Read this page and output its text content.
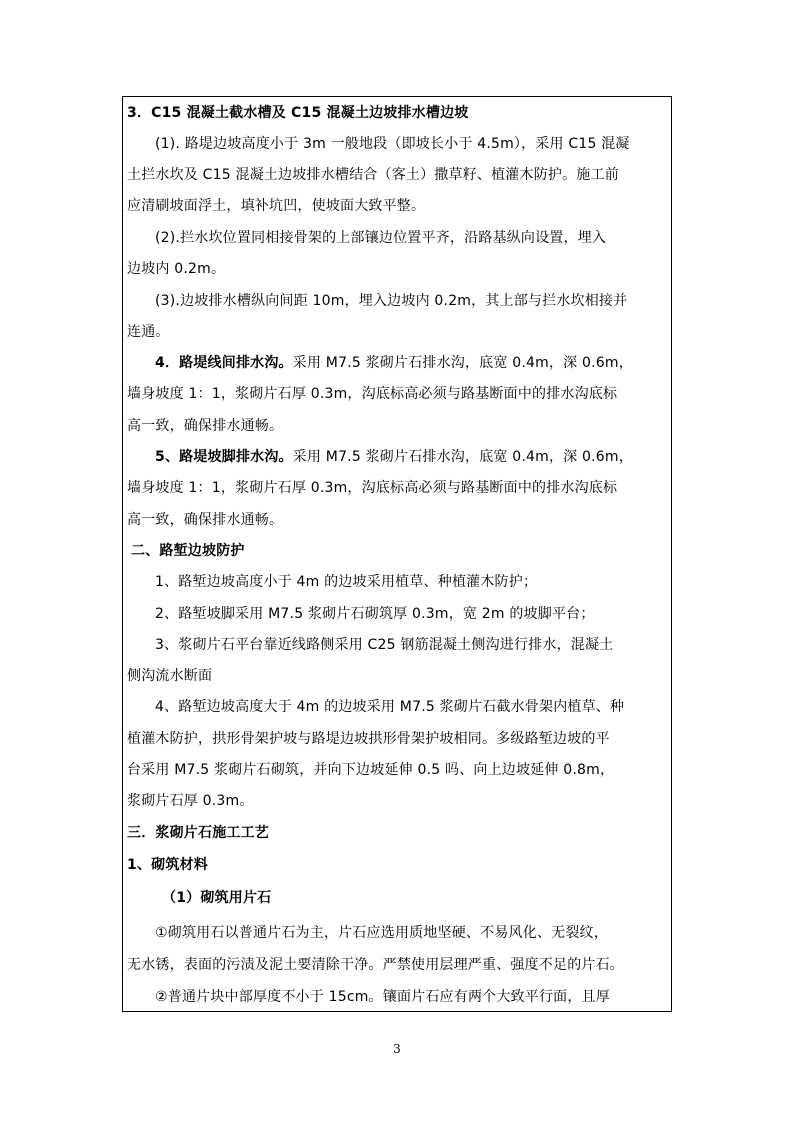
3．C15 混凝土截水槽及 C15 混凝土边坡排水槽边坡
(1). 路堤边坡高度小于 3m 一般地段（即坡长小于 4.5m），采用 C15 混凝
土拦水坎及 C15 混凝土边坡排水槽结合（客土）撒草籽、植灌木防护。施工前
应清刷坡面浮土，填补坑凹，使坡面大致平整。
(2).拦水坎位置同相接骨架的上部镶边位置平齐，沿路基纵向设置，埋入
边坡内 0.2m。
(3).边坡排水槽纵向间距 10m，埋入边坡内 0.2m，其上部与拦水坎相接并
连通。
4．路堤线间排水沟。采用 M7.5 浆砌片石排水沟，底宽 0.4m，深 0.6m，
墙身坡度 1：1，浆砌片石厚 0.3m，沟底标高必须与路基断面中的排水沟底标
高一致，确保排水通畅。
5、路堤坡脚排水沟。采用 M7.5 浆砌片石排水沟，底宽 0.4m，深 0.6m，
墙身坡度 1：1，浆砌片石厚 0.3m，沟底标高必须与路基断面中的排水沟底标
高一致，确保排水通畅。
二、路堑边坡防护
1、路堑边坡高度小于 4m 的边坡采用植草、种植灌木防护；
2、路堑坡脚采用 M7.5 浆砌片石砌筑厚 0.3m，宽 2m 的坡脚平台；
3、浆砌片石平台靠近线路侧采用 C25 钢筋混凝土侧沟进行排水，混凝土
侧沟流水断面
4、路堑边坡高度大于 4m 的边坡采用 M7.5 浆砌片石截水骨架内植草、种
植灌木防护，拱形骨架护坡与路堤边坡拱形骨架护坡相同。多级路堑边坡的平
台采用 M7.5 浆砌片石砌筑，并向下边坡延伸 0.5 吗、向上边坡延伸 0.8m，
浆砌片石厚 0.3m。
三．浆砌片石施工工艺
1、砌筑材料
（1）砌筑用片石
①砌筑用石以普通片石为主，片石应选用质地坚硬、不易风化、无裂纹，
无水锈，表面的污渍及泥土要清除干净。严禁使用层理严重、强度不足的片石。
②普通片块中部厚度不小于 15cm。镶面片石应有两个大致平行面，且厚
3
